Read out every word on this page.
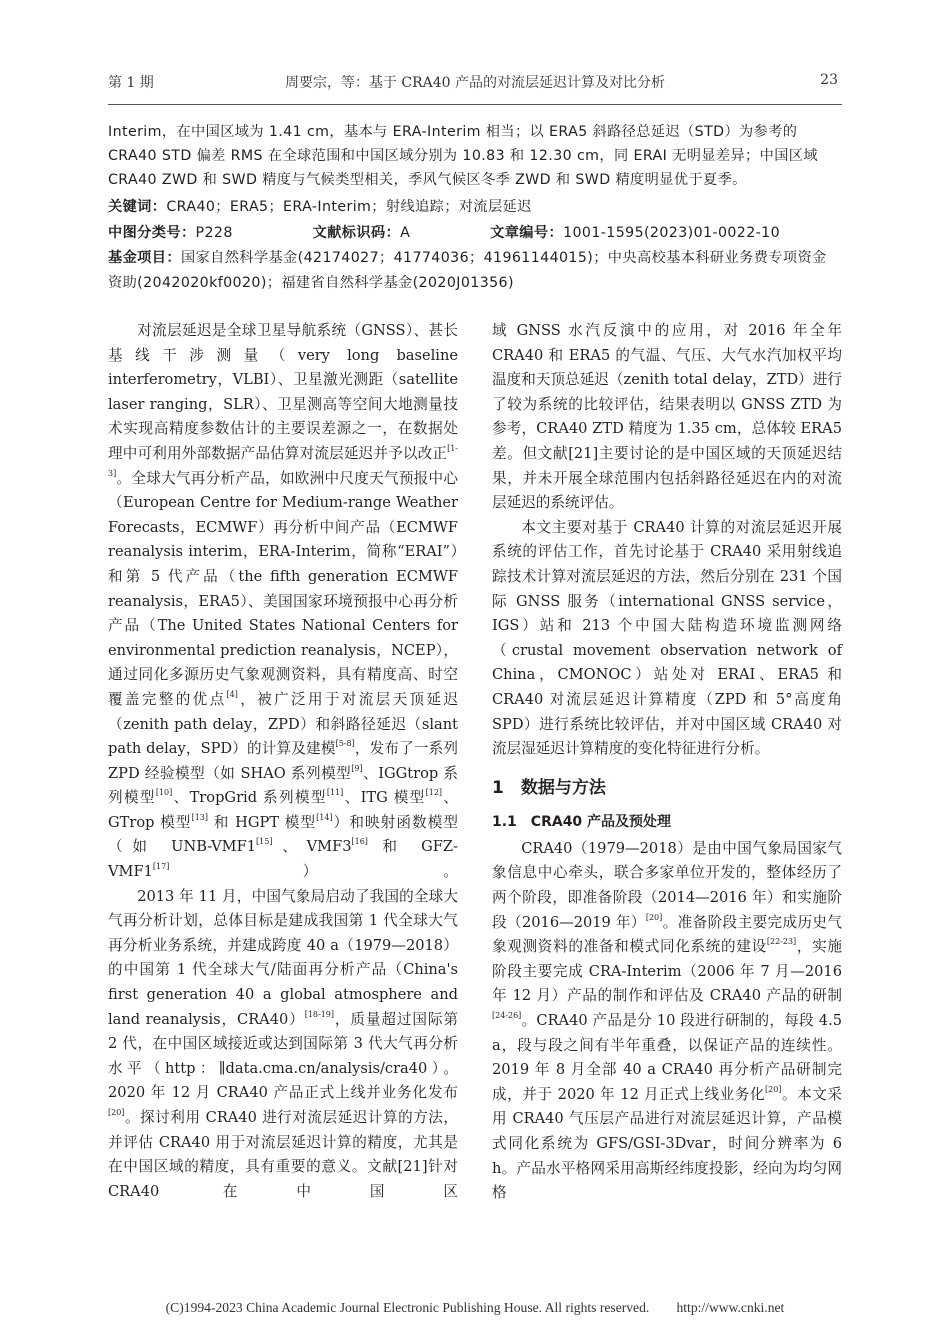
第 1 期	周要宗，等：基于 CRA40 产品的对流层延迟计算及对比分析	23
Interim，在中国区域为 1.41 cm，基本与 ERA-Interim 相当；以 ERA5 斜路径总延迟（STD）为参考的
CRA40 STD 偏差 RMS 在全球范围和中国区域分别为 10.83 和 12.30 cm，同 ERAI 无明显差异；中国区域
CRA40 ZWD 和 SWD 精度与气候类型相关，季风气候区冬季 ZWD 和 SWD 精度明显优于夏季。
关键词：CRA40；ERA5；ERA-Interim；射线追踪；对流层延迟
中图分类号：P228	文献标识码：A	文章编号：1001-1595(2023)01-0022-10
基金项目：国家自然科学基金(42174027；41774036；41961144015)；中央高校基本科研业务费专项资金
资助(2042020kf0020)；福建省自然科学基金(2020J01356)

对流层延迟是全球卫星导航系统（GNSS）、甚长基线干涉测量（very long baseline interferometry，VLBI）、卫星激光测距（satellite laser ranging，SLR）、卫星测高等空间大地测量技术实现高精度参数估计的主要误差源之一，在数据处理中可利用外部数据产品估算对流层延迟并予以改正[1-3]。全球大气再分析产品，如欧洲中尺度天气预报中心（European Centre for Medium-range Weather Forecasts，ECMWF）再分析中间产品（ECMWF reanalysis interim，ERA-Interim，简称“ERAI”）和第 5 代产品（the fifth generation ECMWF reanalysis，ERA5）、美国国家环境预报中心再分析产品（The United States National Centers for environmental prediction reanalysis，NCEP），通过同化多源历史气象观测资料，具有精度高、时空覆盖完整的优点[4]，被广泛用于对流层天顶延迟（zenith path delay，ZPD）和斜路径延迟（slant path delay，SPD）的计算及建模[5-8]，发布了一系列 ZPD 经验模型（如 SHAO 系列模型[9]、IGGtrop 系列模型[10]、TropGrid 系列模型[11]、ITG 模型[12]、GTrop 模型[13] 和 HGPT 模型[14]）和映射函数模型（如 UNB-VMF1[15]、VMF3[16] 和 GFZ-VMF1[17]）。

2013 年 11 月，中国气象局启动了我国的全球大气再分析计划，总体目标是建成我国第 1 代全球大气再分析业务系统，并建成跨度 40 a（1979—2018）的中国第 1 代全球大气/陆面再分析产品（China's first generation 40 a global atmosphere and land reanalysis，CRA40）[18-19]，质量超过国际第 2 代，在中国区域接近或达到国际第 3 代大气再分析水平（http：∥data.cma.cn/analysis/cra40）。2020 年 12 月 CRA40 产品正式上线并业务化发布[20]。探讨利用 CRA40 进行对流层延迟计算的方法，并评估 CRA40 用于对流层延迟计算的精度，尤其是在中国区域的精度，具有重要的意义。文献[21]针对 CRA40 在中国区

域 GNSS 水汽反演中的应用，对 2016 年全年 CRA40 和 ERA5 的气温、气压、大气水汽加权平均温度和天顶总延迟（zenith total delay，ZTD）进行了较为系统的比较评估，结果表明以 GNSS ZTD 为参考，CRA40 ZTD 精度为 1.35 cm，总体较 ERA5 差。但文献[21]主要讨论的是中国区域的天顶延迟结果，并未开展全球范围内包括斜路径延迟在内的对流层延迟的系统评估。

本文主要对基于 CRA40 计算的对流层延迟开展系统的评估工作，首先讨论基于 CRA40 采用射线追踪技术计算对流层延迟的方法，然后分别在 231 个国际 GNSS 服务（international GNSS service，IGS）站和 213 个中国大陆构造环境监测网络（crustal movement observation network of China，CMONOC）站处对 ERAI、ERA5 和 CRA40 对流层延迟计算精度（ZPD 和 5°高度角 SPD）进行系统比较评估，并对中国区域 CRA40 对流层湿延迟计算精度的变化特征进行分析。

1　数据与方法

1.1　CRA40 产品及预处理

CRA40（1979—2018）是由中国气象局国家气象信息中心牵头，联合多家单位开发的，整体经历了两个阶段，即准备阶段（2014—2016 年）和实施阶段（2016—2019 年）[20]。准备阶段主要完成历史气象观测资料的准备和模式同化系统的建设[22-23]，实施阶段主要完成 CRA-Interim（2006 年 7 月—2016 年 12 月）产品的制作和评估及 CRA40 产品的研制[24-26]。CRA40 产品是分 10 段进行研制的，每段 4.5 a，段与段之间有半年重叠，以保证产品的连续性。2019 年 8 月全部 40 a CRA40 再分析产品研制完成，并于 2020 年 12 月正式上线业务化[20]。本文采用 CRA40 气压层产品进行对流层延迟计算，产品模式同化系统为 GFS/GSI-3Dvar，时间分辨率为 6 h。产品水平格网采用高斯经纬度投影，经向为均匀网格

(C)1994-2023 China Academic Journal Electronic Publishing House. All rights reserved.　　http://www.cnki.net
